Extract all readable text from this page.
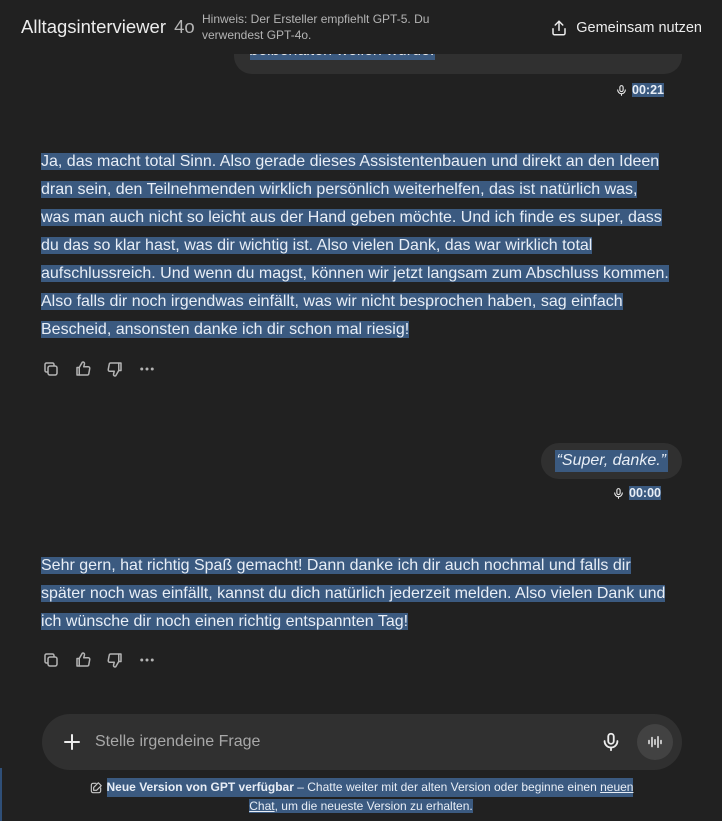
00:21
Alltagsinterviewer 4o Hinweis: Der Ersteller empfiehlt GPT-5. Du verwendest GPT-4o.	Gemeinsam nutzen
Ja, das macht total Sinn. Also gerade dieses Assistentenbauen und direkt an den Ideen
dran sein, den Teilnehmenden wirklich persönlich weiterhelfen, das ist natürlich was,
was man auch nicht so leicht aus der Hand geben möchte. Und ich finde es super, dass
du das so klar hast, was dir wichtig ist. Also vielen Dank, das war wirklich total
aufschlussreich. Und wenn du magst, können wir jetzt langsam zum Abschluss kommen.
Also falls dir noch irgendwas einfällt, was wir nicht besprochen haben, sag einfach
Bescheid, ansonsten danke ich dir schon mal riesig!
“Super, danke.”
00:00
Sehr gern, hat richtig Spaß gemacht! Dann danke ich dir auch nochmal und falls dir
später noch was einfällt, kannst du dich natürlich jederzeit melden. Also vielen Dank und
ich wünsche dir noch einen richtig entspannten Tag!
Stelle irgendeine Frage
Neue Version von GPT verfügbar – Chatte weiter mit der alten Version oder beginne einen neuen
Chat, um die neueste Version zu erhalten.
